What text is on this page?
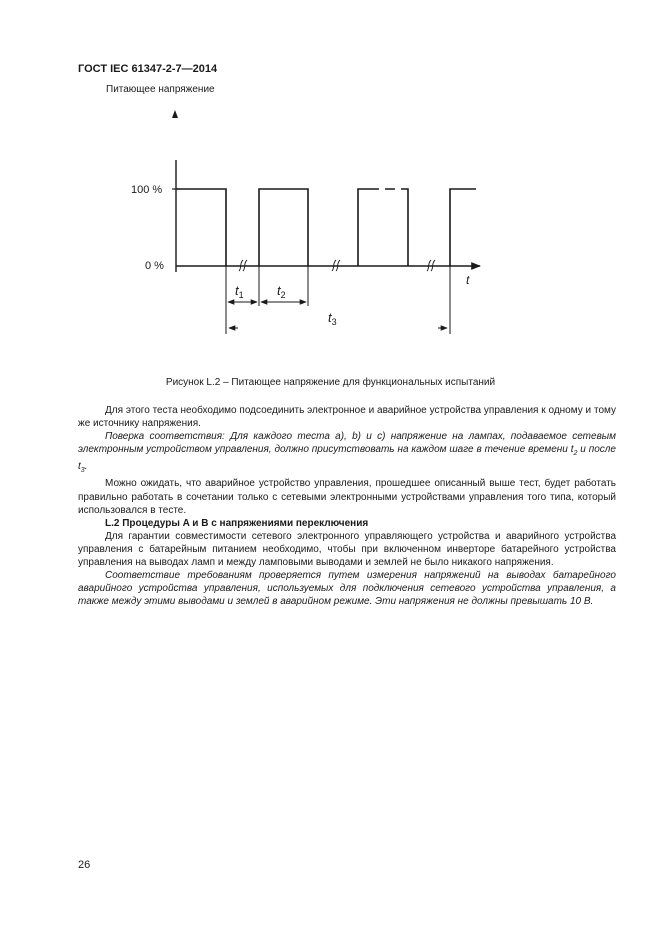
ГОСТ IEC 61347-2-7—2014
Питающее напряжение
100 %
0 %
t
$t_1$	$t_2$
$t_3$
Рисунок L.2 – Питающее напряжение для функциональных испытаний

Для этого теста необходимо подсоединить электронное и аварийное устройства управления к одному и тому же источнику напряжения.

Поверка соответствия: Для каждого теста a), b) и c) напряжение на лампах, подаваемое сетевым электронным устройством управления, должно присутствовать на каждом шаге в течение времени $t_2$ и после $t_3$.

Можно ожидать, что аварийное устройство управления, прошедшее описанный выше тест, будет работать правильно работать в сочетании только с сетевыми электронными устройствами управления того типа, который использовался в тесте.

L.2 Процедуры A и B с напряжениями переключения

Для гарантии совместимости сетевого электронного управляющего устройства и аварийного устройства управления с батарейным питанием необходимо, чтобы при включенном инверторе батарейного устройства управления на выводах ламп и между ламповыми выводами и землей не было никакого напряжения.

Соответствие требованиям проверяется путем измерения напряжений на выводах батарейного аварийного устройства управления, используемых для подключения сетевого устройства управления, а также между этими выводами и землей в аварийном режиме. Эти напряжения не должны превышать 10 В.

26
